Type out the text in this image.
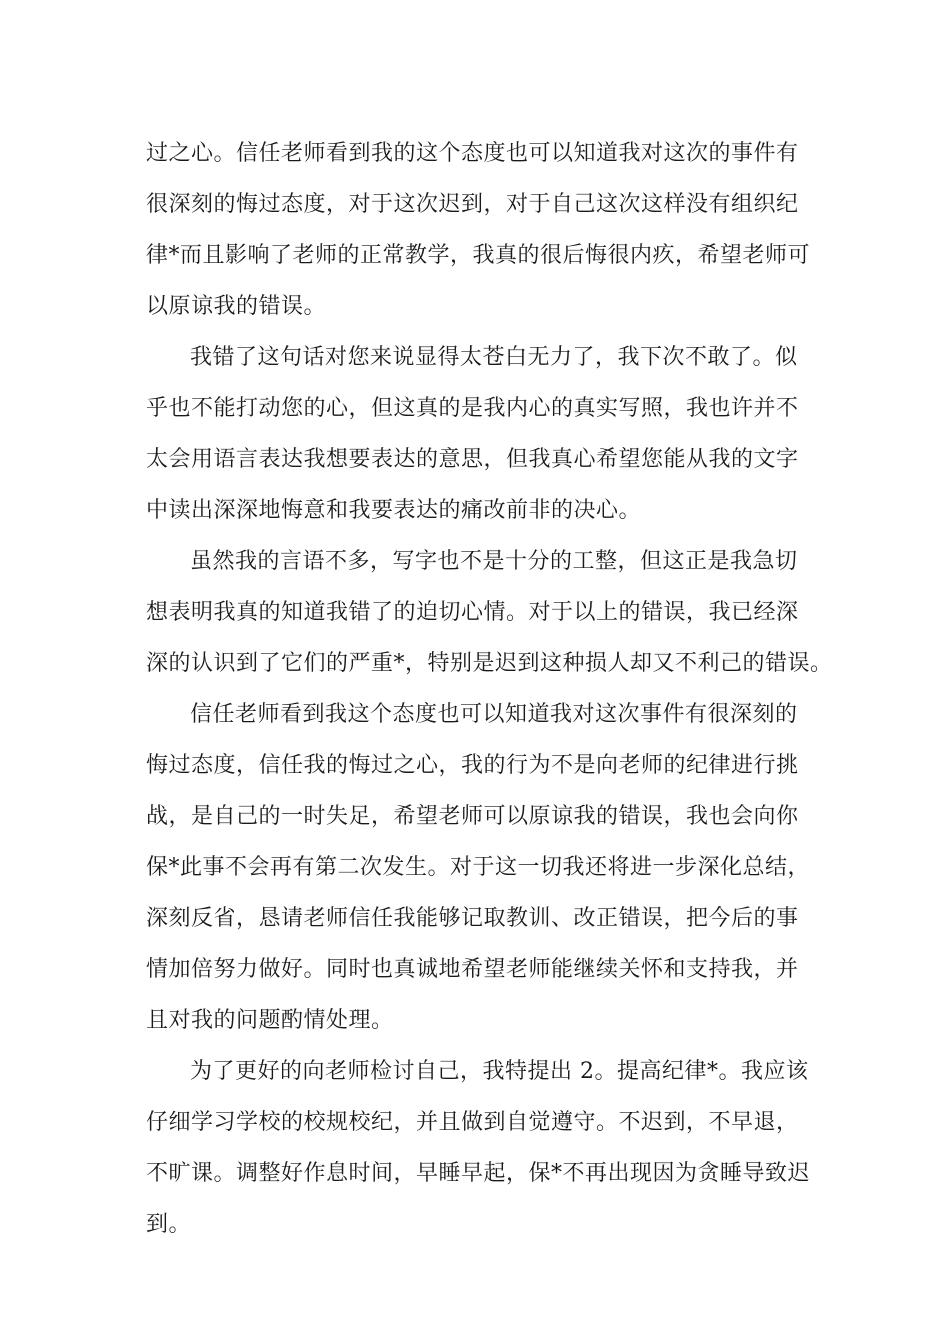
过之心。信任老师看到我的这个态度也可以知道我对这次的事件有
很深刻的悔过态度，对于这次迟到，对于自己这次这样没有组织纪
律*而且影响了老师的正常教学，我真的很后悔很内疚，希望老师可
以原谅我的错误。
我错了这句话对您来说显得太苍白无力了，我下次不敢了。似
乎也不能打动您的心，但这真的是我内心的真实写照，我也许并不
太会用语言表达我想要表达的意思，但我真心希望您能从我的文字
中读出深深地悔意和我要表达的痛改前非的决心。
虽然我的言语不多，写字也不是十分的工整，但这正是我急切
想表明我真的知道我错了的迫切心情。对于以上的错误，我已经深
深的认识到了它们的严重*，特别是迟到这种损人却又不利己的错误。
信任老师看到我这个态度也可以知道我对这次事件有很深刻的
悔过态度，信任我的悔过之心，我的行为不是向老师的纪律进行挑
战，是自己的一时失足，希望老师可以原谅我的错误，我也会向你
保*此事不会再有第二次发生。对于这一切我还将进一步深化总结，
深刻反省，恳请老师信任我能够记取教训、改正错误，把今后的事
情加倍努力做好。同时也真诚地希望老师能继续关怀和支持我，并
且对我的问题酌情处理。
为了更好的向老师检讨自己，我特提出 2。提高纪律*。我应该
仔细学习学校的校规校纪，并且做到自觉遵守。不迟到，不早退，
不旷课。调整好作息时间，早睡早起，保*不再出现因为贪睡导致迟
到。
